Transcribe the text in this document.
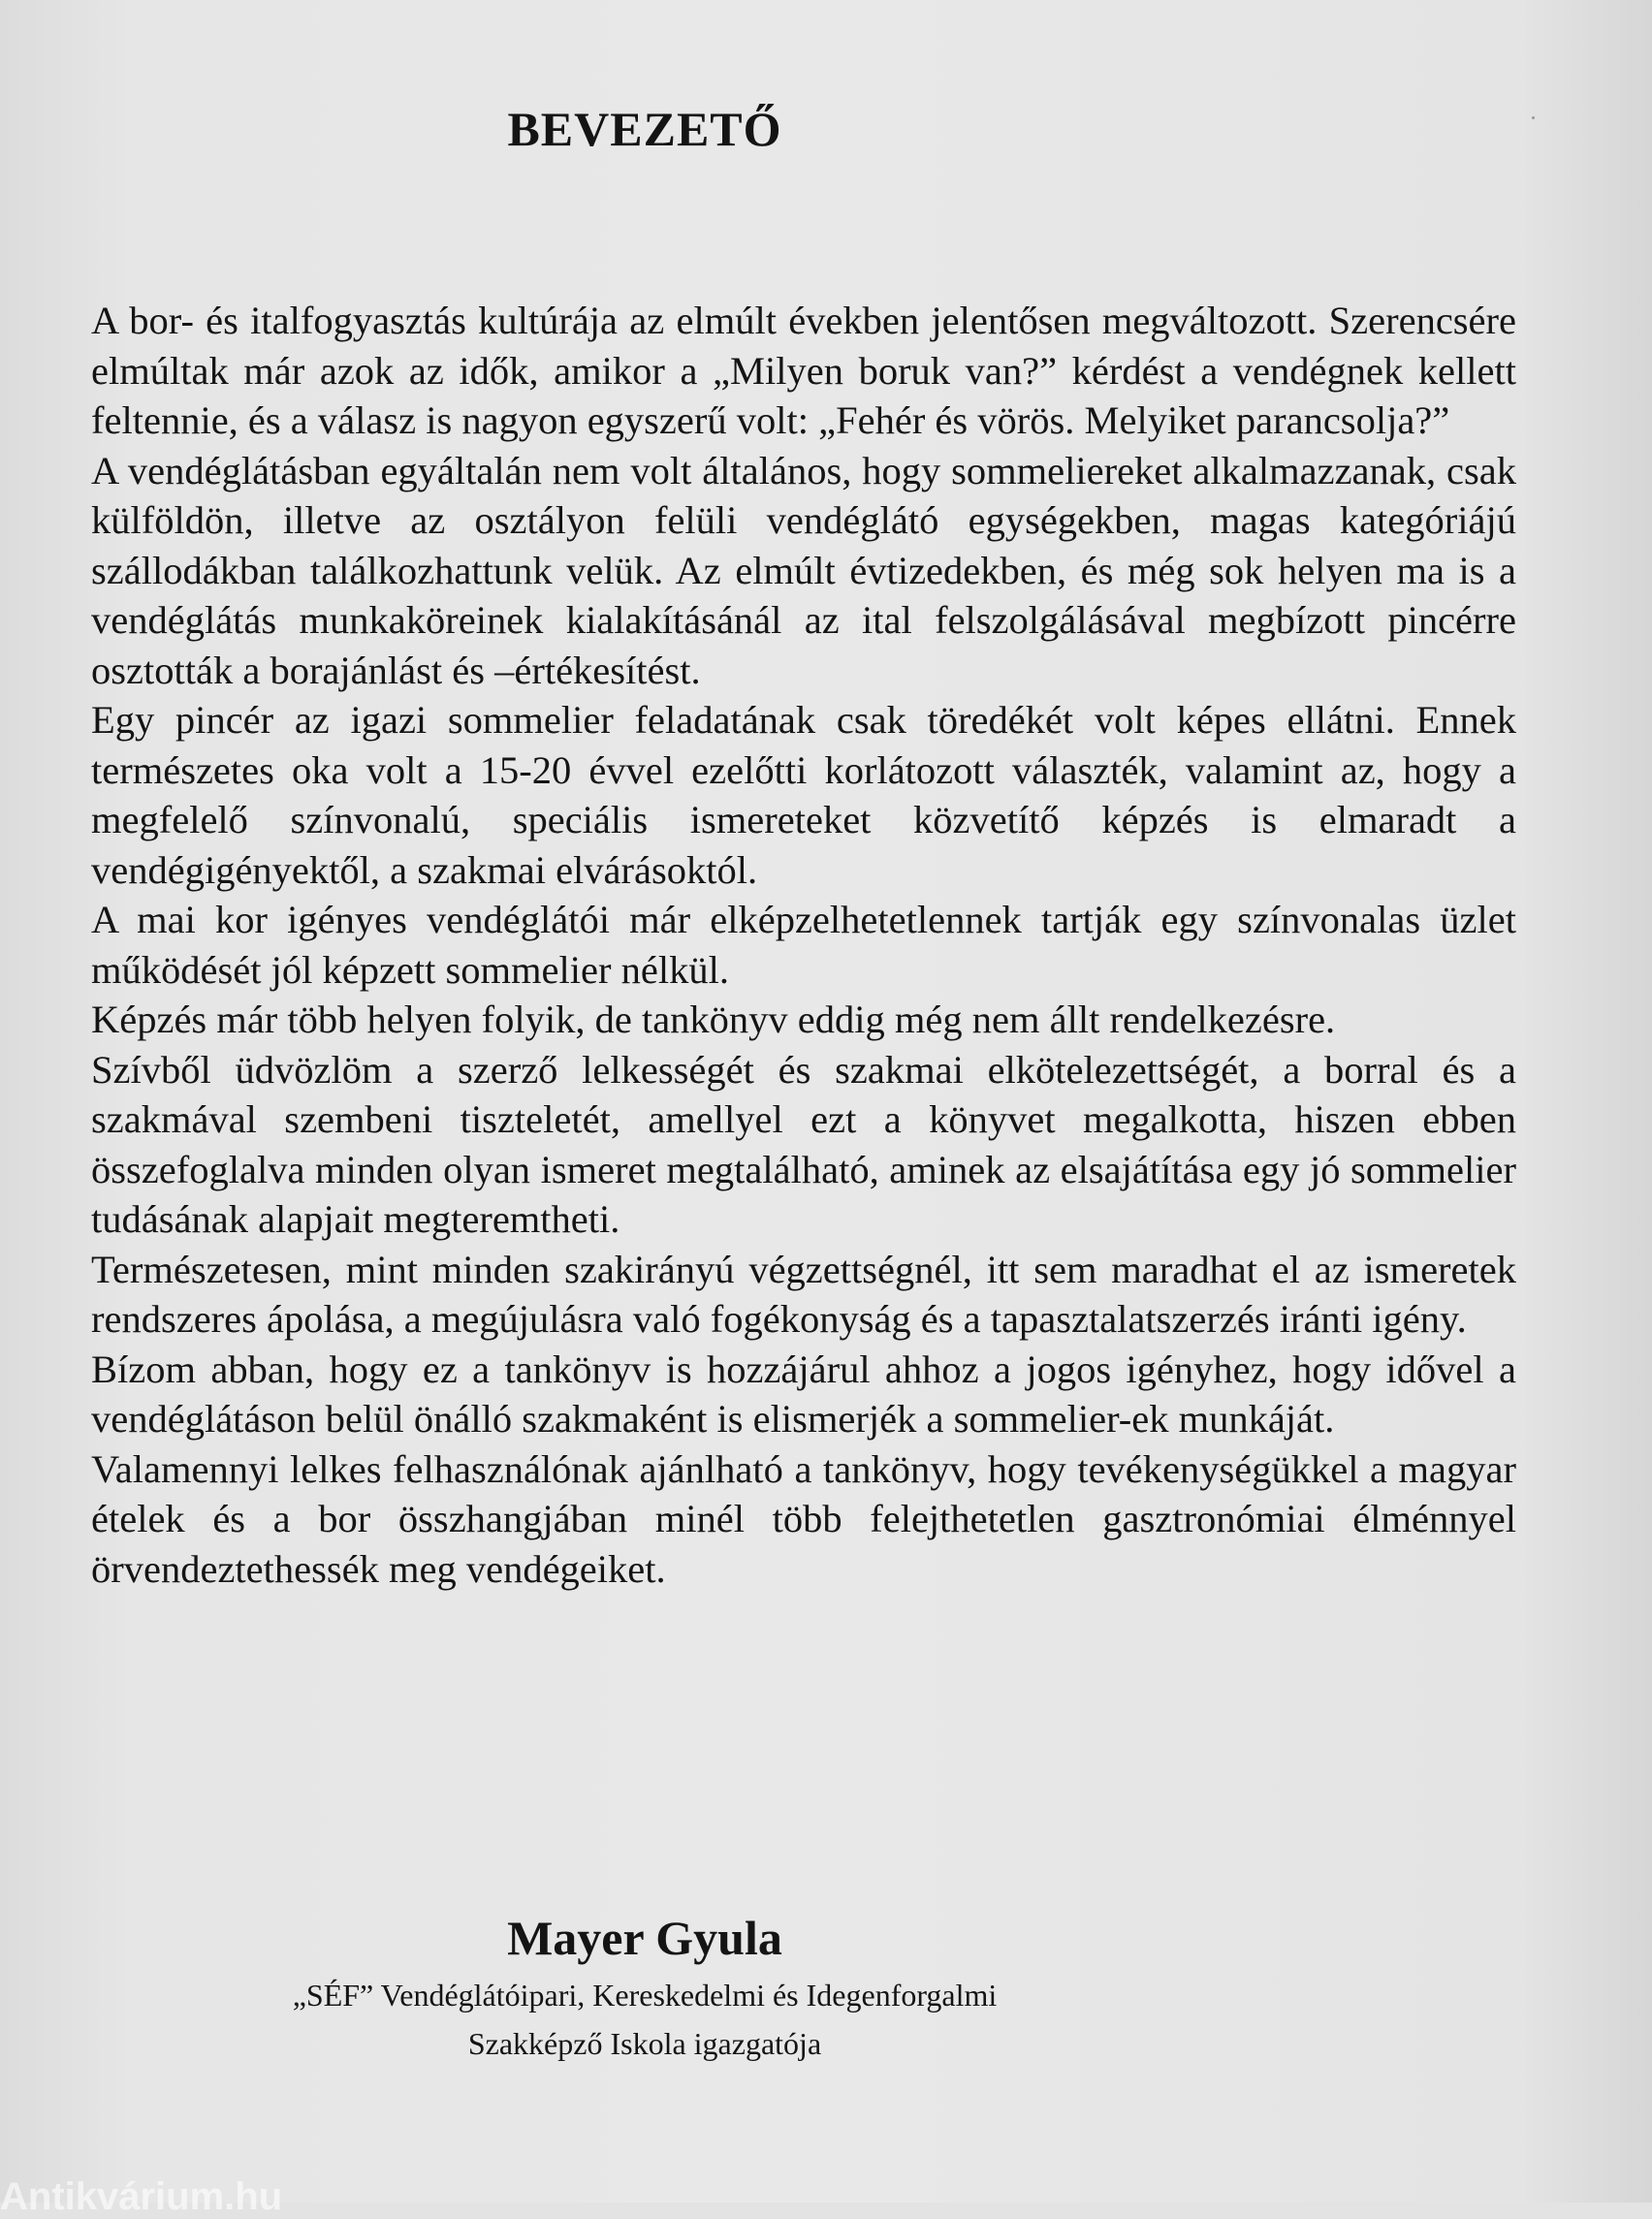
BEVEZETŐ

A bor- és italfogyasztás kultúrája az elmúlt években jelentősen megváltozott. Szerencsére elmúltak már azok az idők, amikor a „Milyen boruk van?” kérdést a vendégnek kellett feltennie, és a válasz is nagyon egyszerű volt: „Fehér és vörös. Melyiket parancsolja?”

A vendéglátásban egyáltalán nem volt általános, hogy sommeliereket alkalmazzanak, csak külföldön, illetve az osztályon felüli vendéglátó egységekben, magas kategóriájú szállodákban találkozhattunk velük. Az elmúlt évtizedekben, és még sok helyen ma is a vendéglátás munkaköreinek kialakításánál az ital felszolgálásával megbízott pincérre osztották a borajánlást és –értékesítést.

Egy pincér az igazi sommelier feladatának csak töredékét volt képes ellátni. Ennek természetes oka volt a 15-20 évvel ezelőtti korlátozott választék, valamint az, hogy a megfelelő színvonalú, speciális ismereteket közvetítő képzés is elmaradt a vendégigényektől, a szakmai elvárásoktól.

A mai kor igényes vendéglátói már elképzelhetetlennek tartják egy színvonalas üzlet működését jól képzett sommelier nélkül.

Képzés már több helyen folyik, de tankönyv eddig még nem állt rendelkezésre.

Szívből üdvözlöm a szerző lelkességét és szakmai elkötelezettségét, a borral és a szakmával szembeni tiszteletét, amellyel ezt a könyvet megalkotta, hiszen ebben összefoglalva minden olyan ismeret megtalálható, aminek az elsajátítása egy jó sommelier tudásának alapjait megteremtheti.

Természetesen, mint minden szakirányú végzettségnél, itt sem maradhat el az ismeretek rendszeres ápolása, a megújulásra való fogékonyság és a tapasztalatszerzés iránti igény.

Bízom abban, hogy ez a tankönyv is hozzájárul ahhoz a jogos igényhez, hogy idővel a vendéglátáson belül önálló szakmaként is elismerjék a sommelier-ek munkáját.

Valamennyi lelkes felhasználónak ajánlható a tankönyv, hogy tevékenységükkel a magyar ételek és a bor összhangjában minél több felejthetetlen gasztronómiai élménnyel örvendeztethessék meg vendégeiket.

Mayer Gyula
„SÉF” Vendéglátóipari, Kereskedelmi és Idegenforgalmi
Szakképző Iskola igazgatója
Antikvárium.hu
